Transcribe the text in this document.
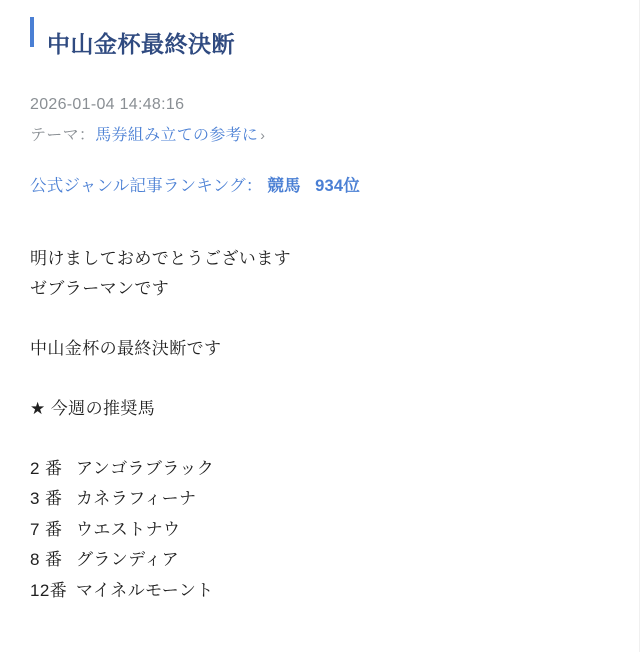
中山金杯最終決断
2026-01-04 14:48:16
テーマ：馬券組み立ての参考に ›
公式ジャンル記事ランキング： 競馬 934位

明けましておめでとうございます

ゼブラーマンです

中山金杯の最終決断です

★ 今週の推奨馬

2 番 アンゴラブラック
3 番 カネラフィーナ
7 番 ウエストナウ
8 番 グランディア
12番 マイネルモーント
